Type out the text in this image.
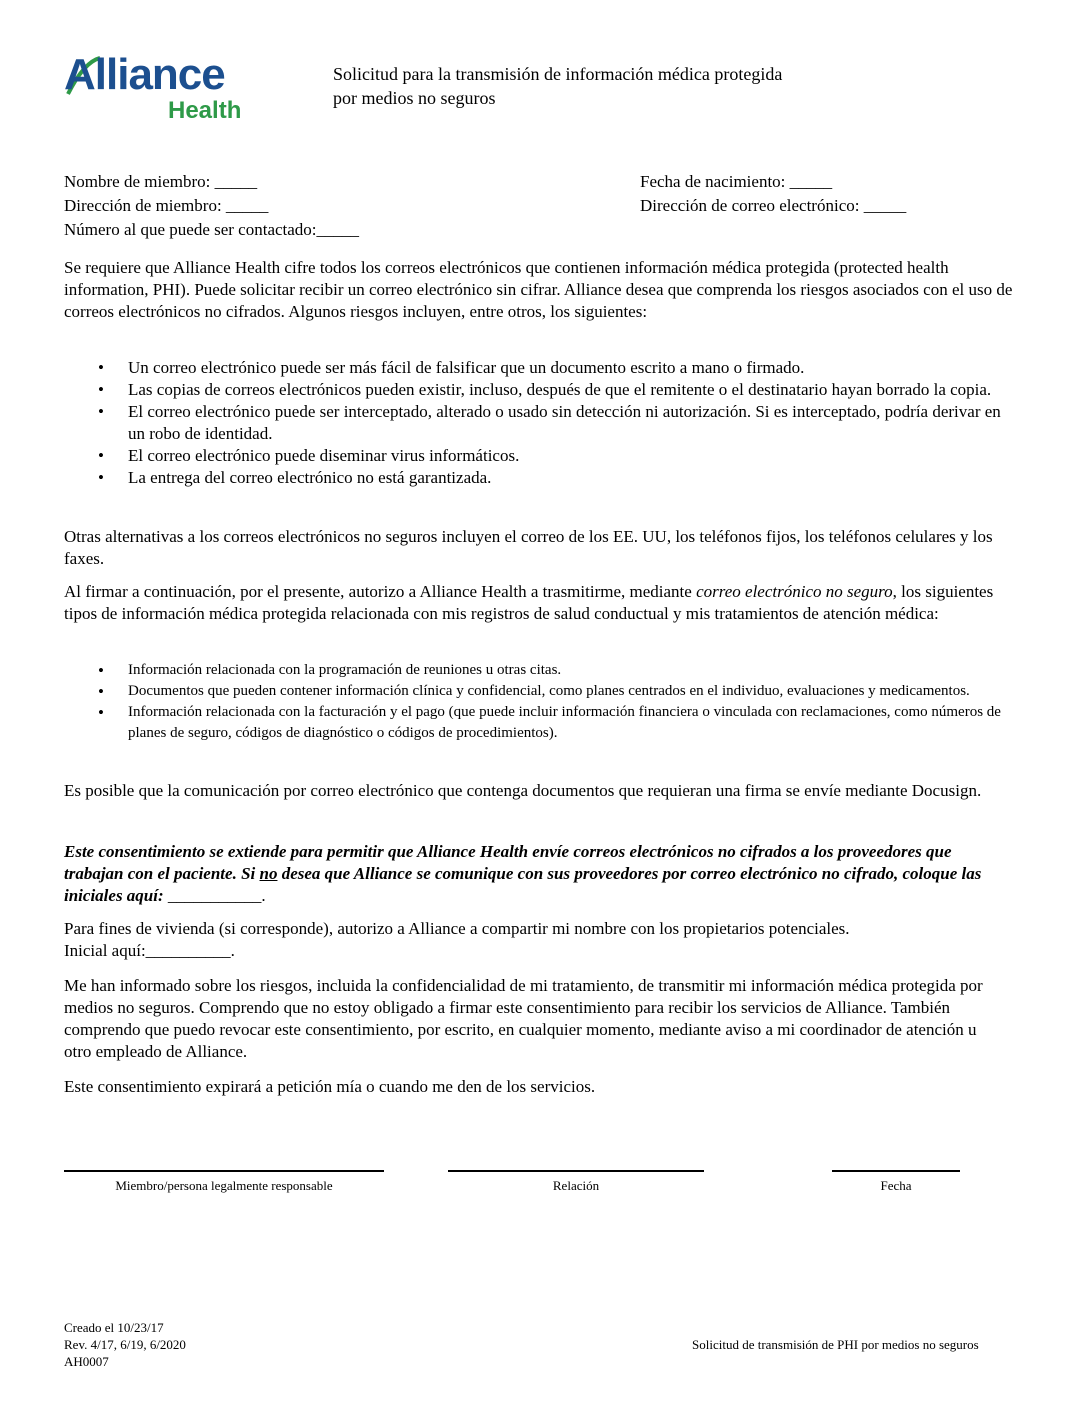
Alliance
Health
Solicitud para la transmisión de información médica protegida
por medios no seguros
Nombre de miembro: _____	Fecha de nacimiento: _____
Dirección de miembro: _____	Dirección de correo electrónico: _____
Número al que puede ser contactado:_____
Se requiere que Alliance Health cifre todos los correos electrónicos que contienen información médica protegida (protected health information, PHI). Puede solicitar recibir un correo electrónico sin cifrar. Alliance desea que comprenda los riesgos asociados con el uso de correos electrónicos no cifrados. Algunos riesgos incluyen, entre otros, los siguientes:
• Un correo electrónico puede ser más fácil de falsificar que un documento escrito a mano o firmado.
• Las copias de correos electrónicos pueden existir, incluso, después de que el remitente o el destinatario hayan borrado la copia.
• El correo electrónico puede ser interceptado, alterado o usado sin detección ni autorización. Si es interceptado, podría derivar en un robo de identidad.
• El correo electrónico puede diseminar virus informáticos.
• La entrega del correo electrónico no está garantizada.
Otras alternativas a los correos electrónicos no seguros incluyen el correo de los EE. UU, los teléfonos fijos, los teléfonos celulares y los faxes.
Al firmar a continuación, por el presente, autorizo a Alliance Health a trasmitirme, mediante correo electrónico no seguro, los siguientes tipos de información médica protegida relacionada con mis registros de salud conductual y mis tratamientos de atención médica:
• Información relacionada con la programación de reuniones u otras citas.
• Documentos que pueden contener información clínica y confidencial, como planes centrados en el individuo, evaluaciones y medicamentos.
• Información relacionada con la facturación y el pago (que puede incluir información financiera o vinculada con reclamaciones, como números de planes de seguro, códigos de diagnóstico o códigos de procedimientos).
Es posible que la comunicación por correo electrónico que contenga documentos que requieran una firma se envíe mediante Docusign.
Este consentimiento se extiende para permitir que Alliance Health envíe correos electrónicos no cifrados a los proveedores que trabajan con el paciente. Si no desea que Alliance se comunique con sus proveedores por correo electrónico no cifrado, coloque las iniciales aquí: ___________.
Para fines de vivienda (si corresponde), autorizo a Alliance a compartir mi nombre con los propietarios potenciales.
Inicial aquí:__________.
Me han informado sobre los riesgos, incluida la confidencialidad de mi tratamiento, de transmitir mi información médica protegida por medios no seguros. Comprendo que no estoy obligado a firmar este consentimiento para recibir los servicios de Alliance. También comprendo que puedo revocar este consentimiento, por escrito, en cualquier momento, mediante aviso a mi coordinador de atención u otro empleado de Alliance.
Este consentimiento expirará a petición mía o cuando me den de los servicios.
Miembro/persona legalmente responsable	Relación	Fecha
Creado el 10/23/17
Rev. 4/17, 6/19, 6/2020
AH0007
Solicitud de transmisión de PHI por medios no seguros
